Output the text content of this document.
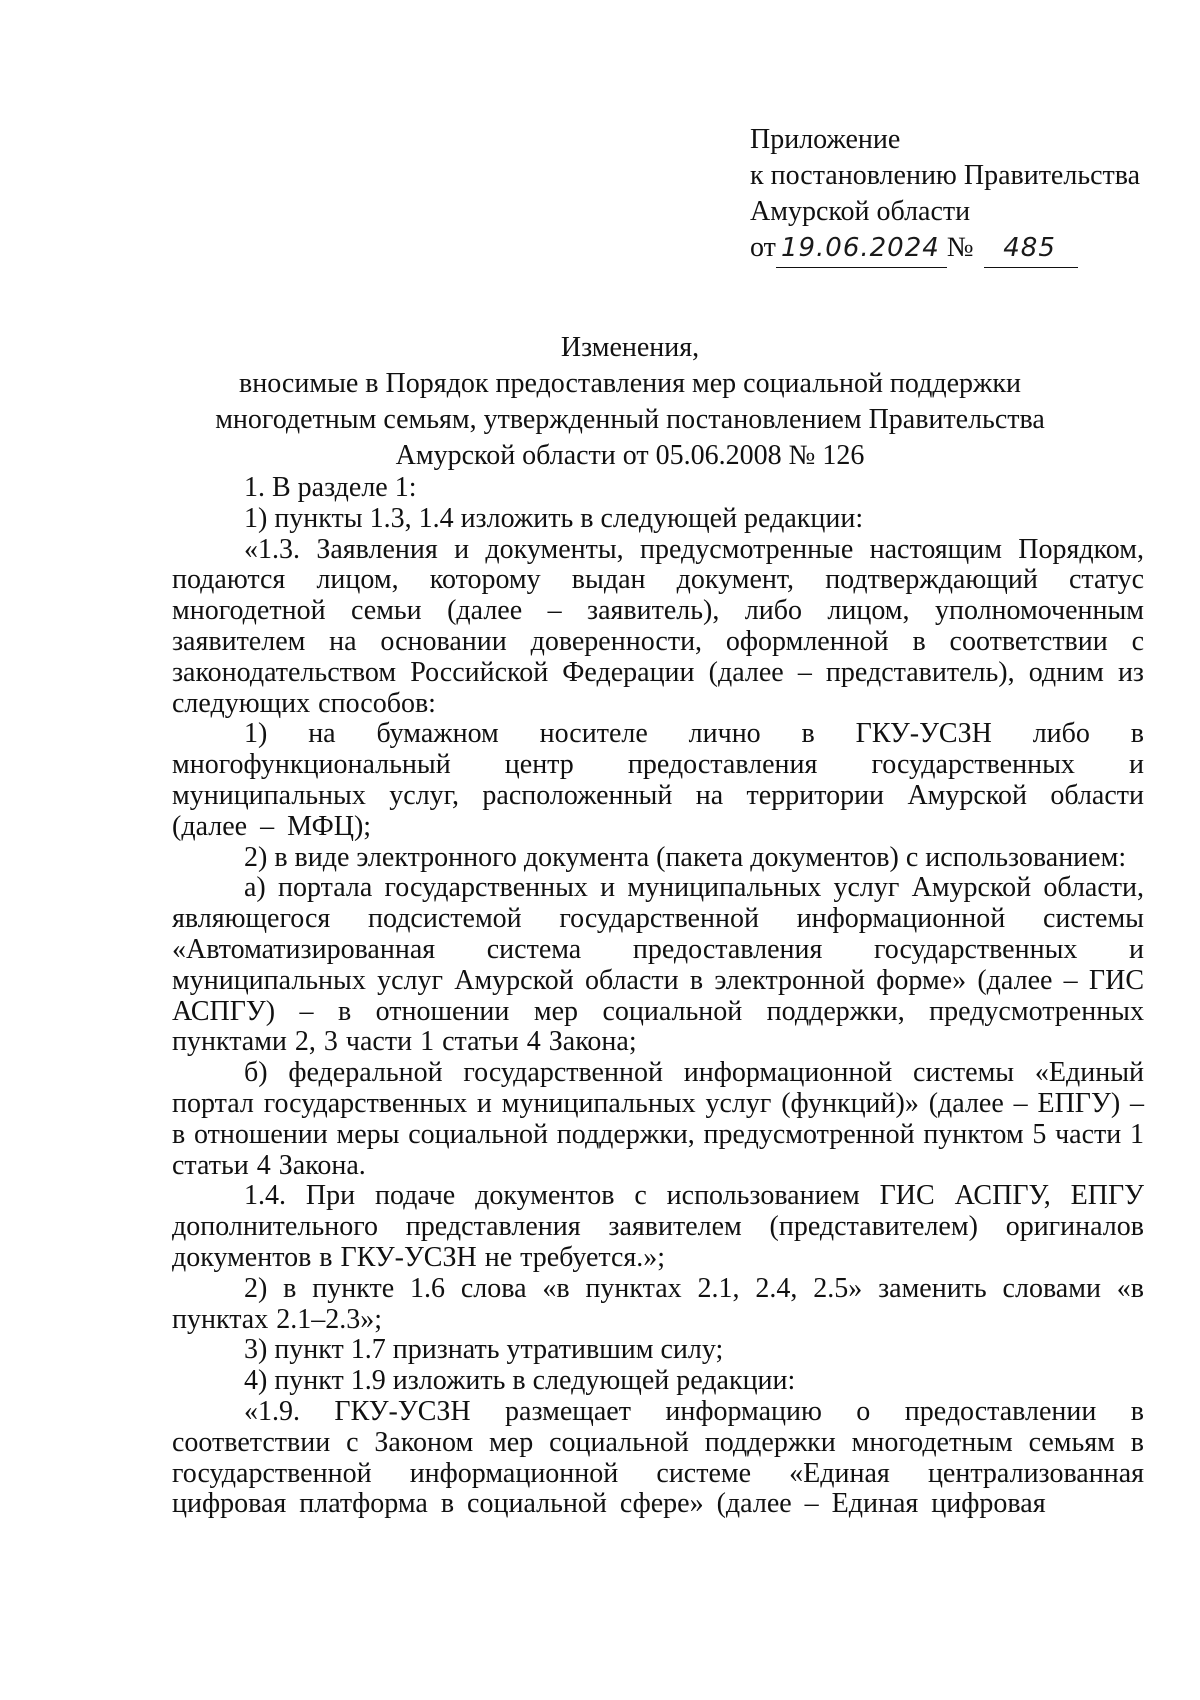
Приложение
к постановлению Правительства
Амурской области
от 19.06.2024 № 485
Изменения,
вносимые в Порядок предоставления мер социальной поддержки
многодетным семьям, утвержденный постановлением Правительства
Амурской области от 05.06.2008 № 126

1. В разделе 1:

1) пункты 1.3, 1.4 изложить в следующей редакции:

«1.3. Заявления и документы, предусмотренные настоящим Порядком, подаются лицом, которому выдан документ, подтверждающий статус многодетной семьи (далее – заявитель), либо лицом, уполномоченным заявителем на основании доверенности, оформленной в соответствии с законодательством Российской Федерации (далее – представитель), одним из следующих способов:

1) на бумажном носителе лично в ГКУ-УСЗН либо в многофункциональный центр предоставления государственных и муниципальных услуг, расположенный на территории Амурской области (далее – МФЦ);

2) в виде электронного документа (пакета документов) с использованием:

а) портала государственных и муниципальных услуг Амурской области, являющегося подсистемой государственной информационной системы «Автоматизированная система предоставления государственных и муниципальных услуг Амурской области в электронной форме» (далее – ГИС АСПГУ) – в отношении мер социальной поддержки, предусмотренных пунктами 2, 3 части 1 статьи 4 Закона;

б) федеральной государственной информационной системы «Единый портал государственных и муниципальных услуг (функций)» (далее – ЕПГУ) – в отношении меры социальной поддержки, предусмотренной пунктом 5 части 1 статьи 4 Закона.

1.4. При подаче документов с использованием ГИС АСПГУ, ЕПГУ дополнительного представления заявителем (представителем) оригиналов документов в ГКУ-УСЗН не требуется.»;

2) в пункте 1.6 слова «в пунктах 2.1, 2.4, 2.5» заменить словами «в пунктах 2.1–2.3»;

3) пункт 1.7 признать утратившим силу;

4) пункт 1.9 изложить в следующей редакции:

«1.9. ГКУ-УСЗН размещает информацию о предоставлении в соответствии с Законом мер социальной поддержки многодетным семьям в государственной информационной системе «Единая централизованная цифровая платформа в социальной сфере» (далее – Единая цифровая
